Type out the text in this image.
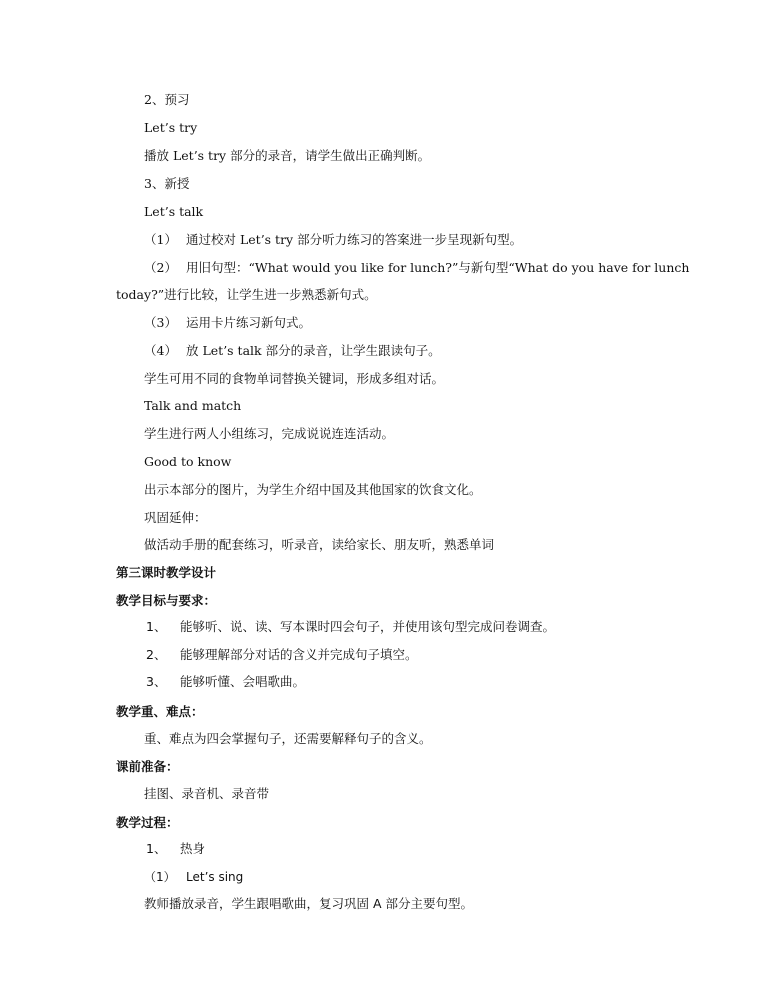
2、预习
Let’s try
播放 Let’s try 部分的录音，请学生做出正确判断。
3、新授
Let’s talk
（1） 通过校对 Let’s try 部分听力练习的答案进一步呈现新句型。
（2） 用旧句型：“What would you like for lunch?”与新句型“What do you have for lunch
today?”进行比较，让学生进一步熟悉新句式。
（3） 运用卡片练习新句式。
（4） 放 Let’s talk 部分的录音，让学生跟读句子。
学生可用不同的食物单词替换关键词，形成多组对话。
Talk and match
学生进行两人小组练习，完成说说连连活动。
Good to know
出示本部分的图片，为学生介绍中国及其他国家的饮食文化。
巩固延伸：
做活动手册的配套练习，听录音，读给家长、朋友听，熟悉单词
第三课时教学设计
教学目标与要求：
1、 能够听、说、读、写本课时四会句子，并使用该句型完成问卷调查。
2、 能够理解部分对话的含义并完成句子填空。
3、 能够听懂、会唱歌曲。
教学重、难点：
重、难点为四会掌握句子，还需要解释句子的含义。
课前准备：
挂图、录音机、录音带
教学过程：
1、 热身
（1） Let’s sing
教师播放录音，学生跟唱歌曲，复习巩固 A 部分主要句型。
